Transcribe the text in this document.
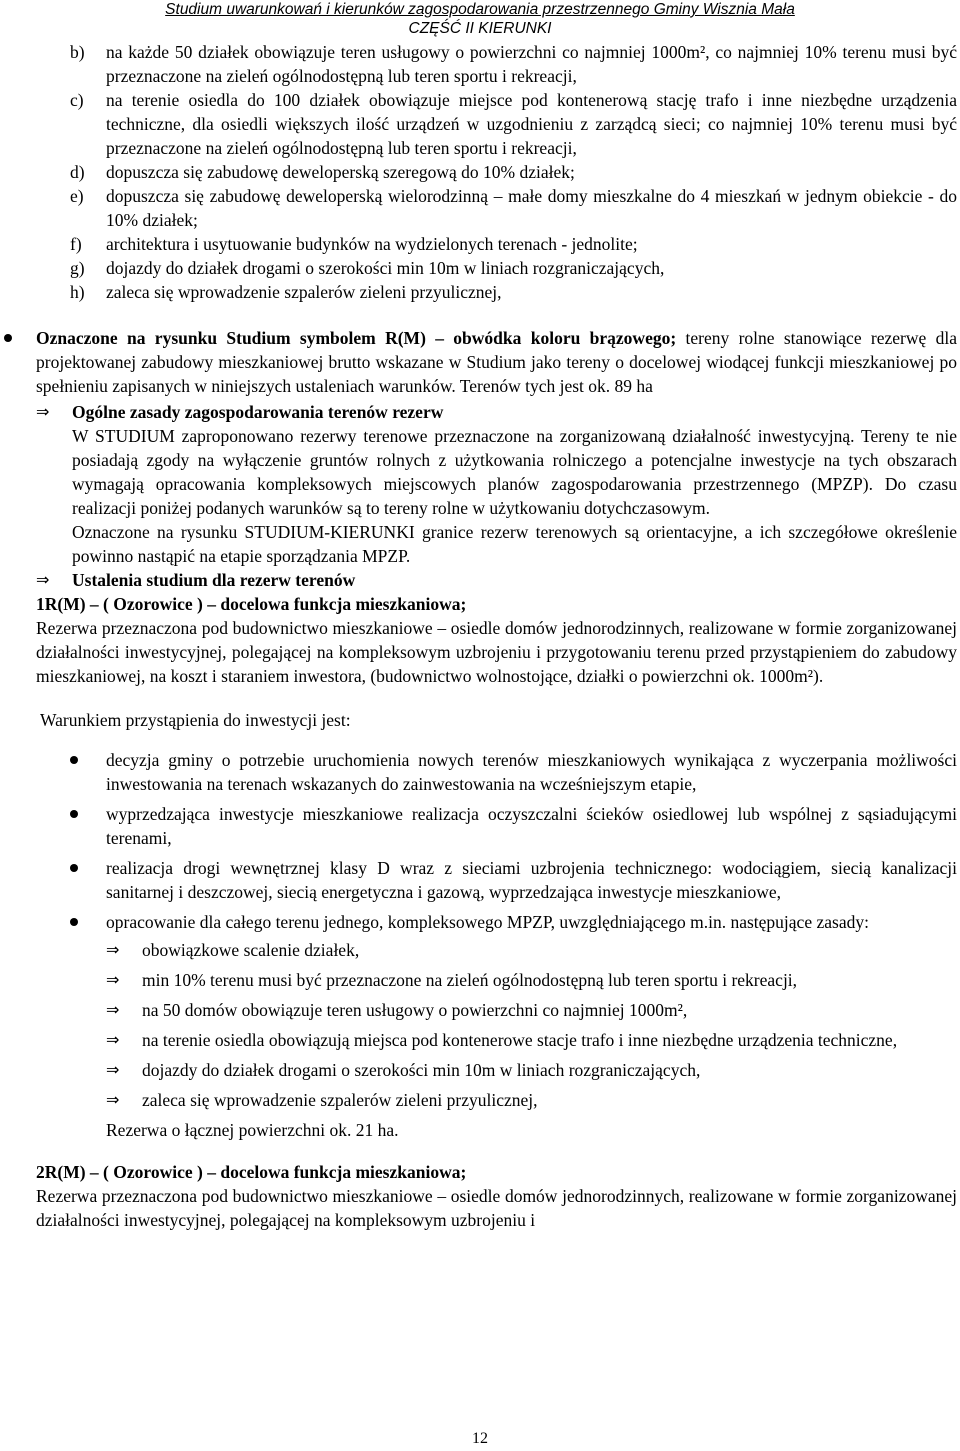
Studium uwarunkowań i kierunków zagospodarowania przestrzennego Gminy Wisznia Mała
CZĘŚĆ II KIERUNKI
b) na każde 50 działek obowiązuje teren usługowy o powierzchni co najmniej 1000m², co najmniej 10% terenu musi być przeznaczone na zieleń ogólnodostępną lub teren sportu i rekreacji,
c) na terenie osiedla do 100 działek obowiązuje miejsce pod kontenerową stację trafo i inne niezbędne urządzenia techniczne, dla osiedli większych ilość urządzeń w uzgodnieniu z zarządcą sieci; co najmniej 10% terenu musi być przeznaczone na zieleń ogólnodostępną lub teren sportu i rekreacji,
d) dopuszcza się zabudowę deweloperską szeregową do 10% działek;
e) dopuszcza się zabudowę deweloperską wielorodzinną – małe domy mieszkalne do 4 mieszkań w jednym obiekcie - do 10% działek;
f) architektura i usytuowanie budynków na wydzielonych terenach - jednolite;
g) dojazdy do działek drogami o szerokości min 10m w liniach rozgraniczających,
h) zaleca się wprowadzenie szpalerów zieleni przyulicznej,

Oznaczone na rysunku Studium symbolem R(M) – obwódka koloru brązowego; tereny rolne stanowiące rezerwę dla projektowanej zabudowy mieszkaniowej brutto wskazane w Studium jako tereny o docelowej wiodącej funkcji mieszkaniowej po spełnieniu zapisanych w niniejszych ustaleniach warunków. Terenów tych jest ok. 89 ha

⇒ Ogólne zasady zagospodarowania terenów rezerw

W STUDIUM zaproponowano rezerwy terenowe przeznaczone na zorganizowaną działalność inwestycyjną. Tereny te nie posiadają zgody na wyłączenie gruntów rolnych z użytkowania rolniczego a potencjalne inwestycje na tych obszarach wymagają opracowania kompleksowych miejscowych planów zagospodarowania przestrzennego (MPZP). Do czasu realizacji poniżej podanych warunków są to tereny rolne w użytkowaniu dotychczasowym.

Oznaczone na rysunku STUDIUM-KIERUNKI granice rezerw terenowych są orientacyjne, a ich szczegółowe określenie powinno nastąpić na etapie sporządzania MPZP.

⇒ Ustalenia studium dla rezerw terenów

1R(M) – ( Ozorowice ) – docelowa funkcja mieszkaniowa;

Rezerwa przeznaczona pod budownictwo mieszkaniowe – osiedle domów jednorodzinnych, realizowane w formie zorganizowanej działalności inwestycyjnej, polegającej na kompleksowym uzbrojeniu i przygotowaniu terenu przed przystąpieniem do zabudowy mieszkaniowej, na koszt i staraniem inwestora, (budownictwo wolnostojące, działki o powierzchni ok. 1000m²).

Warunkiem przystąpienia do inwestycji jest:

decyzja gminy o potrzebie uruchomienia nowych terenów mieszkaniowych wynikająca z wyczerpania możliwości inwestowania na terenach wskazanych do zainwestowania na wcześniejszym etapie,
wyprzedzająca inwestycje mieszkaniowe realizacja oczyszczalni ścieków osiedlowej lub wspólnej z sąsiadującymi terenami,
realizacja drogi wewnętrznej klasy D wraz z sieciami uzbrojenia technicznego: wodociągiem, siecią kanalizacji sanitarnej i deszczowej, siecią energetyczna i gazową, wyprzedzająca inwestycje mieszkaniowe,
opracowanie dla całego terenu jednego, kompleksowego MPZP, uwzględniającego m.in. następujące zasady:
⇒ obowiązkowe scalenie działek,
⇒ min 10% terenu musi być przeznaczone na zieleń ogólnodostępną lub teren sportu i rekreacji,
⇒ na 50 domów obowiązuje teren usługowy o powierzchni co najmniej 1000m²,
⇒ na terenie osiedla obowiązują miejsca pod kontenerowe stacje trafo i inne niezbędne urządzenia techniczne,
⇒ dojazdy do działek drogami o szerokości min 10m w liniach rozgraniczających,
⇒ zaleca się wprowadzenie szpalerów zieleni przyulicznej,
Rezerwa o łącznej powierzchni ok. 21 ha.

2R(M) – ( Ozorowice ) – docelowa funkcja mieszkaniowa;

Rezerwa przeznaczona pod budownictwo mieszkaniowe – osiedle domów jednorodzinnych, realizowane w formie zorganizowanej działalności inwestycyjnej, polegającej na kompleksowym uzbrojeniu i

12
